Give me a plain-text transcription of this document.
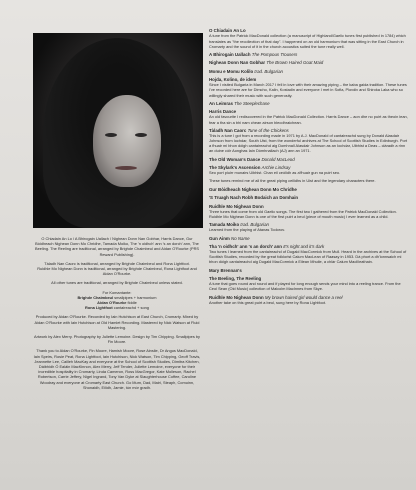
O Chiadain An Lo / A Bhirogain Uallach / Nighean Donn Nan Gobhar, Harris Dance, Gur Bòidheach Nighean Donn Mo Chridhe, Tamada Moiko, The 'n oidhch' ann 's an dorch' ann, The Beeling. The Reeling are traditional, arranged by Brighde Chaimbeul and Aidan O'Rourke (PRS Reward Publishing).

Tàladh Nan Caorc is traditional, arranged by Brighde Chaimbeul and Rona Lightfoot.

Ruidhle Mo Nighean Donn is traditional, arranged by Brighde Chaimbeul, Rona Lightfoot and Aidan O'Rourke.

All other tunes are traditional, arranged by Brighde Chaimbeul unless stated.

For Komantante:

Brighde Chaimbeul smallpipes + harmonium

Aidan O'Rourke fiddle

Rona Lightfoot cantaireachd + song

Produced by Aidan O'Rourke. Recorded by Iain Hutchison at East Church, Cromarty. Mixed by Aidan O'Rourke with Iain Hutchison at Old Hamlet Recording. Mastered by Nick Watson at Fluid Mastering.

Artwork by Alex Merry. Photography by Juliette Lemoine. Design by Tim Chipping. Smallpipes by Fin Moore.

Thank you to Aidan O'Rourke, Fin Moore, Hamish Moore, Rose Ainslie, Dr Angus MacDonald, Iain Speirs, Rosie Peat, Rona Lightfoot, Iain Hutchison, Nick Watson, Tim Chipping, Geoff Travis, Jeannette Lee, Cailleh MacKay and everyone at the School of Scottish Studies, Dimitra Kitchen, Dáibhidh Ó Ealáin MacKinnon, Alex Merry, Jeff Tender, Juliette Lemoine, everyone for their incredible hospitality in Cromarty, Linda Cameron, Ross MacGregor, Kate Molleson, Rachel Robertson, Carrie Jeffery, Nigel Ingrand, Tony Van Dyke at Slaughterhouse Coffee, Caroline Woodray and everyone at Cromarty East Church. Go Mum, Dad, Mairi, Steaph, Comuinn, Shonaidh, Eilidh, Jamie, tún mór gradh.

O Chiadain An Lo

A tune from the Patrick MacDonald collection (a manuscript of Highland/Gaelic tunes first published in 1784) which translates as "the recollection of that day". I happened on an old harmonium that was sitting in the East Church in Cromarty and the sound of it in the church acoustics suited the tune really well.

A Bhirogain Uallach The Pompous Trousers
Nighean Donn Nan Gobhar The Brown Haired Goat Maid
Momu e Momu Kolilo trad. Bulgarian
Hojda, Kolino, de idem

Since I visited Bulgaria in March 2017 I fell in love with their amazing piping – the kaba gaida tradition. These tunes I've recorded here are for Dimcho, Kalin, Kostadin and everyone I met in Sofia, Plovdiv and Shiroka Laka who so willingly shared their music with such generosity.

An Leimras The Steeplechase
Harris Dance

An old favourite I rediscovered in the Patrick MacDonald Collection. Harris Dance – aon dhe no puirt as theoin lean, fear a tha sin a bhi nam chean airson bleodhraichean.

Tàladh Nan Caorc Tune of the Chickens

This is a tune I got from a recording made in 1971 by A.J. MacDonald of cantaireachd sung by Donald Alasdair Johnson from Iochdar, South Uist, from the wonderful archives at The School of Scottish Studies in Edinburgh. Port a fhuair mi bhon dòigh cantaireachd aig Domhnall Alasdair Johnson as an Iochdar, Uibhist a Deas – clàradh a rinn an duine còir Aonghas Iain Dòmhnallach (AJ) ann an 1971.

The Old Woman's Dance Donald MacLeod
The Skylark's Ascension Archie Lindsay

Seo port piuirr munairs Uibhist. Chan eil ceòlidh as a'fhuair gun na puirt seo.

These tunes remind me of all the great piping ceilidhs in Uist and the legendary characters there.

Gur Bòidheach Nighean Donn Mo Chridhe
'S Truagh Nach Robh Bodaich an Domhain
Ruidhle Mo Nighean Donn

Three tunes that come from old Gaelic songs. The first two I gathered from the Patrick MacDonald Collection. Ruidhle Mo Nighean Donn is one of the first puirt a beul (piece of mouth music) I ever learned as a child.

Tamada Moiko trad. Bulgarian

Learned from the playing of Atanas Todorov.

Gun Ainm No Name
Tha 'n oidhch' ann 's an dorch' ann It's night and it's dark

Two tunes I learned from the cantaireachd of Dugald MacCormick from Mull. Heard in the archives at the School of Scottish Studies, recorded by the great folklorist Calum MacLean of Raasay in 1953. Dà phort a dh'ionnsaich mi bhon dòigh cantaireachd aig Dugald MacCormick a Eilean Mhuile, a chlàr Calum MacIlleathain.

Mary Brennan's
The Beeling, The Reeling

A tune that goes round and round and if played for long enough sends your mind into a reeling trance. From the Ceol Sean (Old Music) collection of Malcolm MacInnes from Skye.

Ruidhle Mo Nighean Donn My brown haired girl would dance a reel

Another take on this great puirt a beul, sung here by Rona Lightfoot.
